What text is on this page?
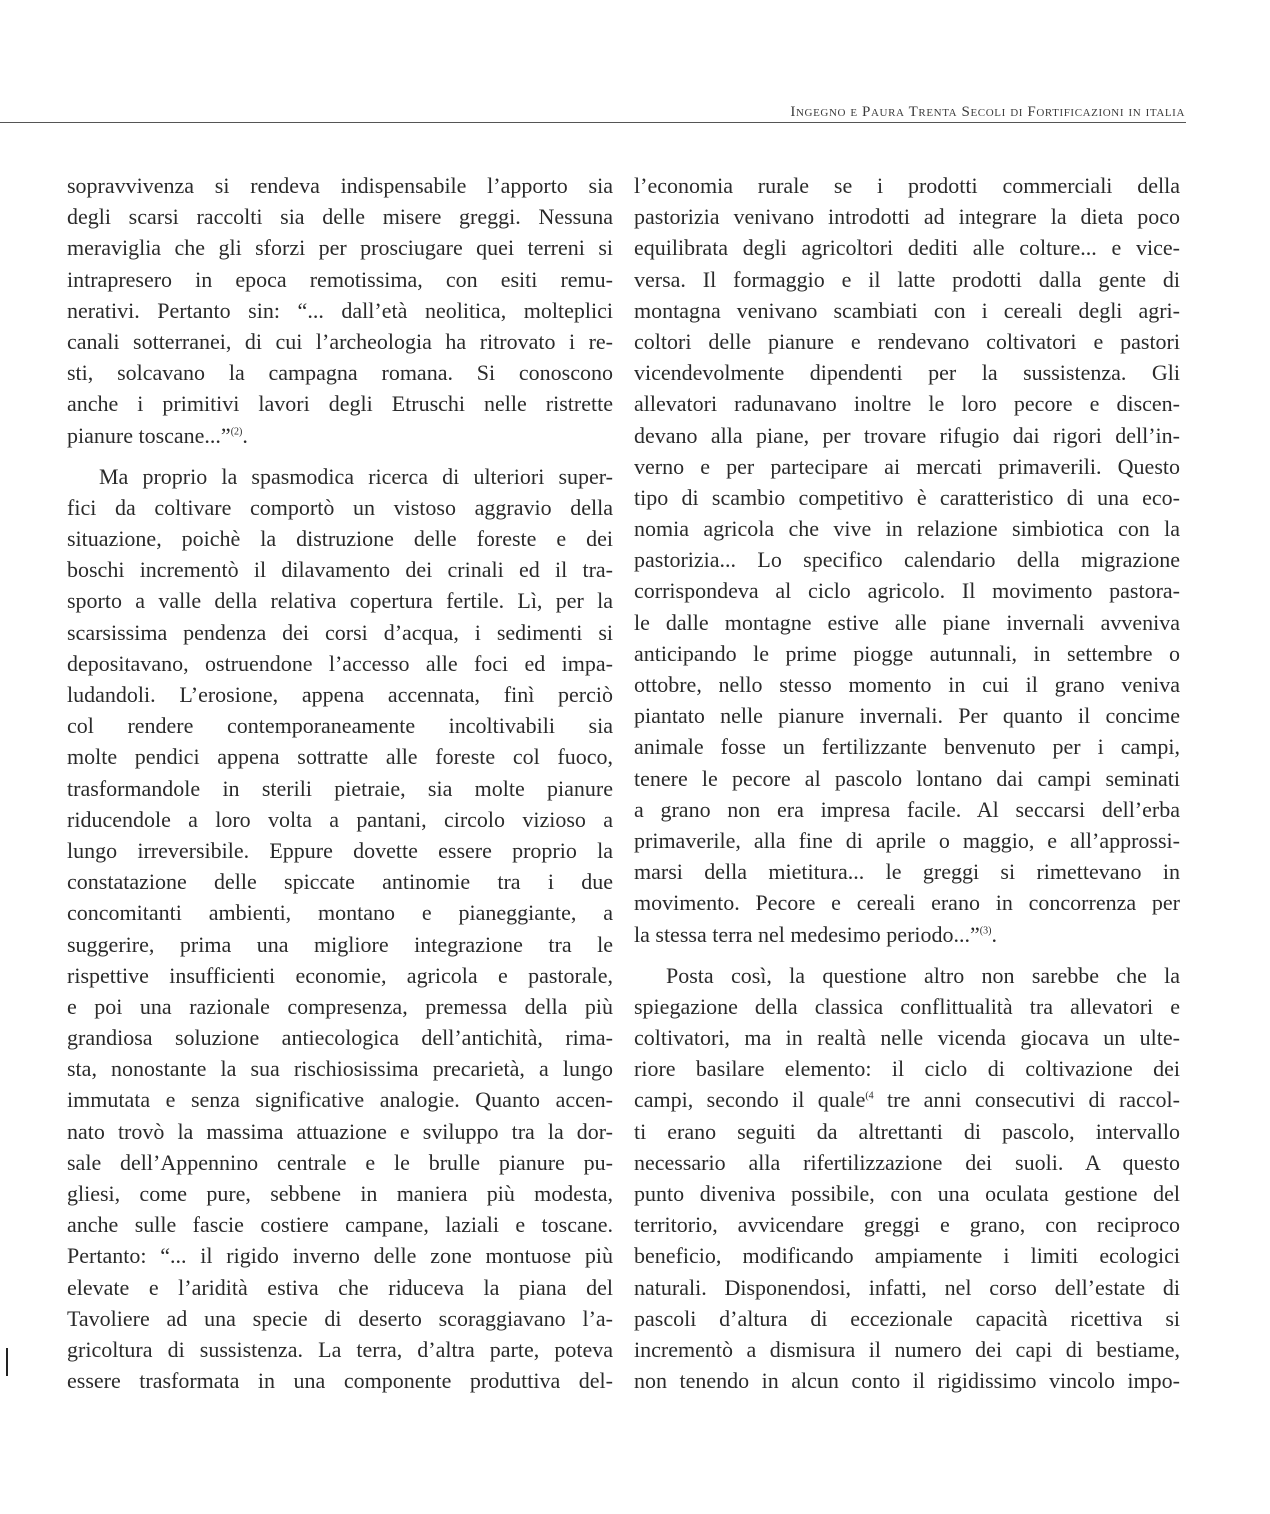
Ingegno e Paura Trenta Secoli di Fortificazioni in italia
sopravvivenza si rendeva indispensabile l’apporto sia
degli scarsi raccolti sia delle misere greggi. Nessuna
meraviglia che gli sforzi per prosciugare quei terreni si
intrapresero in epoca remotissima, con esiti remu-
nerativi. Pertanto sin: “... dall’età neolitica, molteplici
canali sotterranei, di cui l’archeologia ha ritrovato i re-
sti, solcavano la campagna romana. Si conoscono
anche i primitivi lavori degli Etruschi nelle ristrette
pianure toscane...”$^{(2)}$.
Ma proprio la spasmodica ricerca di ulteriori super-
fici da coltivare comportò un vistoso aggravio della
situazione, poichè la distruzione delle foreste e dei
boschi incrementò il dilavamento dei crinali ed il tra-
sporto a valle della relativa copertura fertile. Lì, per la
scarsissima pendenza dei corsi d’acqua, i sedimenti si
depositavano, ostruendone l’accesso alle foci ed impa-
ludandoli. L’erosione, appena accennata, finì perciò
col rendere contemporaneamente incoltivabili sia
molte pendici appena sottratte alle foreste col fuoco,
trasformandole in sterili pietraie, sia molte pianure
riducendole a loro volta a pantani, circolo vizioso a
lungo irreversibile. Eppure dovette essere proprio la
constatazione delle spiccate antinomie tra i due
concomitanti ambienti, montano e pianeggiante, a
suggerire, prima una migliore integrazione tra le
rispettive insufficienti economie, agricola e pastorale,
e poi una razionale compresenza, premessa della più
grandiosa soluzione antiecologica dell’antichità, rima-
sta, nonostante la sua rischiosissima precarietà, a lungo
immutata e senza significative analogie. Quanto accen-
nato trovò la massima attuazione e sviluppo tra la dor-
sale dell’Appennino centrale e le brulle pianure pu-
gliesi, come pure, sebbene in maniera più modesta,
anche sulle fascie costiere campane, laziali e toscane.
Pertanto: “... il rigido inverno delle zone montuose più
elevate e l’aridità estiva che riduceva la piana del
Tavoliere ad una specie di deserto scoraggiavano l’a-
gricoltura di sussistenza. La terra, d’altra parte, poteva
essere trasformata in una componente produttiva del-
l’economia rurale se i prodotti commerciali della
pastorizia venivano introdotti ad integrare la dieta poco
equilibrata degli agricoltori dediti alle colture... e vice-
versa. Il formaggio e il latte prodotti dalla gente di
montagna venivano scambiati con i cereali degli agri-
coltori delle pianure e rendevano coltivatori e pastori
vicendevolmente dipendenti per la sussistenza. Gli
allevatori radunavano inoltre le loro pecore e discen-
devano alla piane, per trovare rifugio dai rigori dell’in-
verno e per partecipare ai mercati primaverili. Questo
tipo di scambio competitivo è caratteristico di una eco-
nomia agricola che vive in relazione simbiotica con la
pastorizia... Lo specifico calendario della migrazione
corrispondeva al ciclo agricolo. Il movimento pastora-
le dalle montagne estive alle piane invernali avveniva
anticipando le prime piogge autunnali, in settembre o
ottobre, nello stesso momento in cui il grano veniva
piantato nelle pianure invernali. Per quanto il concime
animale fosse un fertilizzante benvenuto per i campi,
tenere le pecore al pascolo lontano dai campi seminati
a grano non era impresa facile. Al seccarsi dell’erba
primaverile, alla fine di aprile o maggio, e all’approssi-
marsi della mietitura... le greggi si rimettevano in
movimento. Pecore e cereali erano in concorrenza per
la stessa terra nel medesimo periodo...”$^{(3)}$.
Posta così, la questione altro non sarebbe che la
spiegazione della classica conflittualità tra allevatori e
coltivatori, ma in realtà nelle vicenda giocava un ulte-
riore basilare elemento: il ciclo di coltivazione dei
campi, secondo il quale$^{(4}$ tre anni consecutivi di raccol-
ti erano seguiti da altrettanti di pascolo, intervallo
necessario alla rifertilizzazione dei suoli. A questo
punto diveniva possibile, con una oculata gestione del
territorio, avvicendare greggi e grano, con reciproco
beneficio, modificando ampiamente i limiti ecologici
naturali. Disponendosi, infatti, nel corso dell’estate di
pascoli d’altura di eccezionale capacità ricettiva si
incrementò a dismisura il numero dei capi di bestiame,
non tenendo in alcun conto il rigidissimo vincolo impo-
